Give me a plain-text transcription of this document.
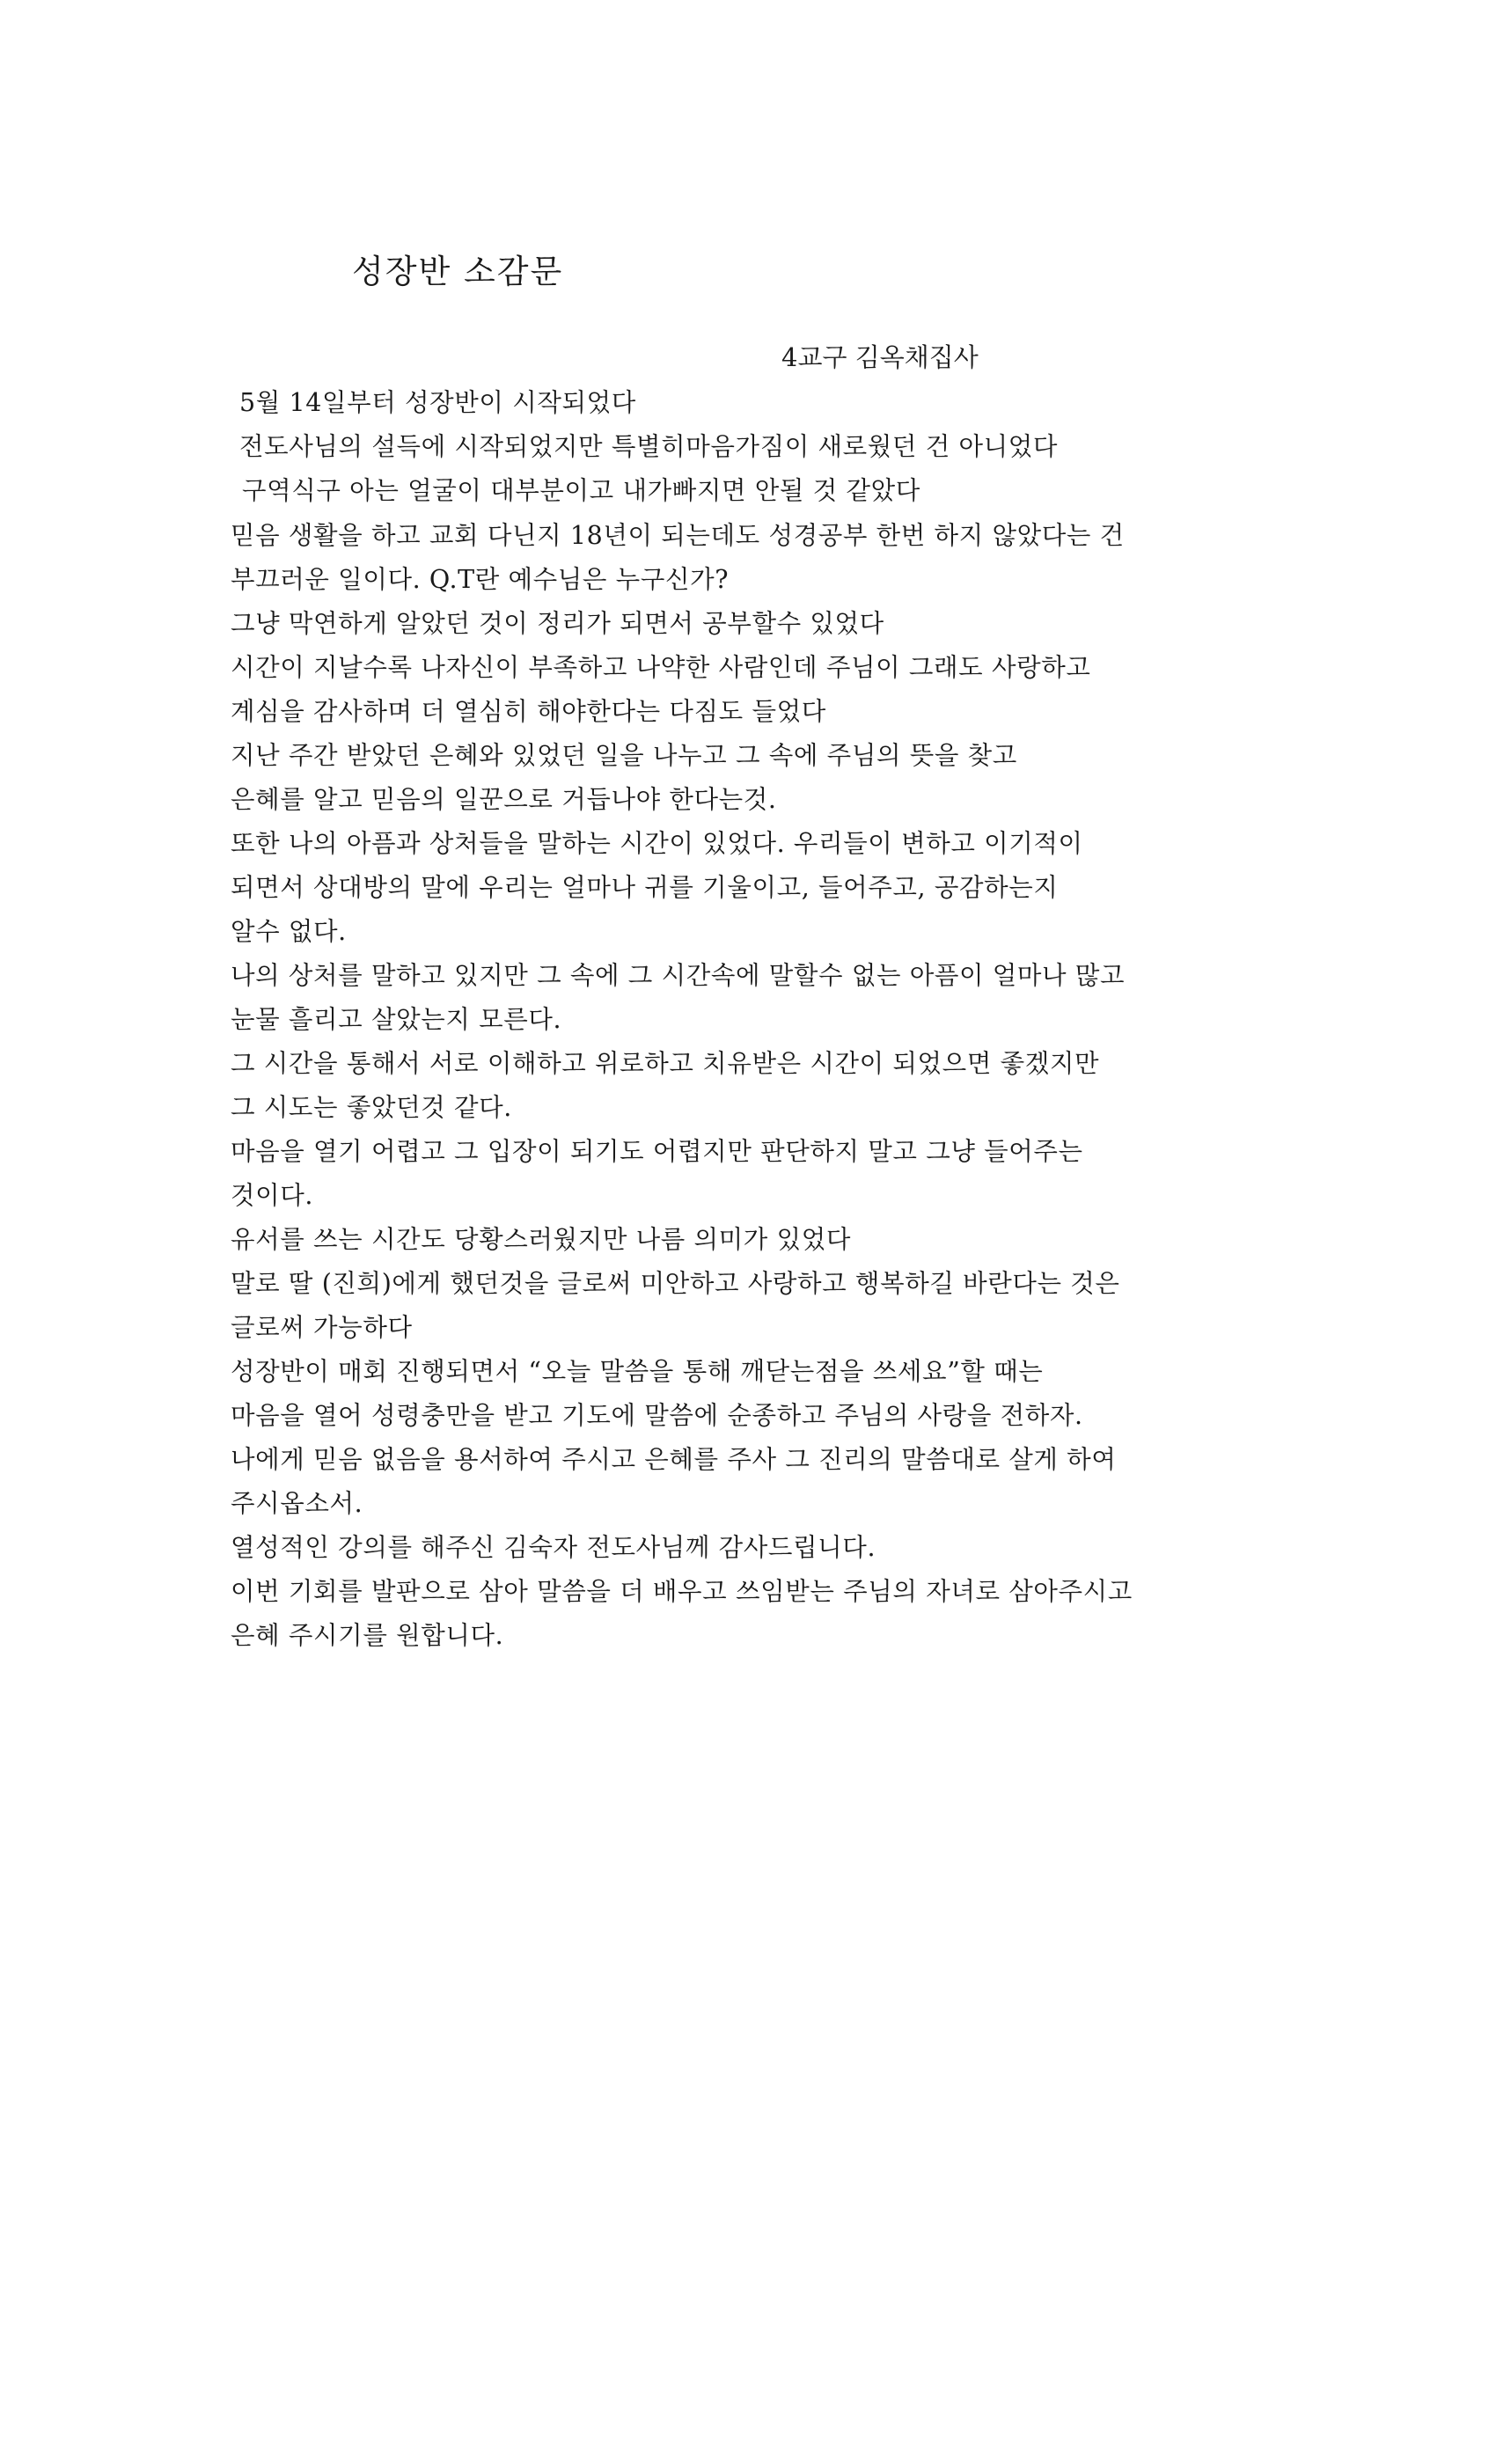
성장반 소감문
4교구 김옥채집사
5월 14일부터 성장반이 시작되었다
전도사님의 설득에 시작되었지만 특별히마음가짐이 새로웠던 건 아니었다
구역식구 아는 얼굴이 대부분이고 내가빠지면 안될 것 같았다
믿음 생활을 하고 교회 다닌지 18년이 되는데도 성경공부 한번 하지 않았다는 건
부끄러운 일이다. Q.T란 예수님은 누구신가?
그냥 막연하게 알았던 것이 정리가 되면서 공부할수 있었다
시간이 지날수록 나자신이 부족하고 나약한 사람인데 주님이 그래도 사랑하고
계심을 감사하며 더 열심히 해야한다는 다짐도 들었다
지난 주간 받았던 은혜와 있었던 일을 나누고 그 속에 주님의 뜻을 찾고
은혜를 알고 믿음의 일꾼으로 거듭나야 한다는것.
또한 나의 아픔과 상처들을 말하는 시간이 있었다. 우리들이 변하고 이기적이
되면서 상대방의 말에 우리는 얼마나 귀를 기울이고, 들어주고, 공감하는지
알수 없다.
나의 상처를 말하고 있지만 그 속에 그 시간속에 말할수 없는 아픔이 얼마나 많고
눈물 흘리고 살았는지 모른다.
그 시간을 통해서 서로 이해하고 위로하고 치유받은 시간이 되었으면 좋겠지만
그 시도는 좋았던것 같다.
마음을 열기 어렵고 그 입장이 되기도 어렵지만 판단하지 말고 그냥 들어주는
것이다.
유서를 쓰는 시간도 당황스러웠지만 나름 의미가 있었다
말로 딸 (진희)에게 했던것을 글로써 미안하고 사랑하고 행복하길 바란다는 것은
글로써 가능하다
성장반이 매회 진행되면서 “오늘 말씀을 통해 깨닫는점을 쓰세요”할 때는
마음을 열어 성령충만을 받고 기도에 말씀에 순종하고 주님의 사랑을 전하자.
나에게 믿음 없음을 용서하여 주시고 은혜를 주사 그 진리의 말씀대로 살게 하여
주시옵소서.
열성적인 강의를 해주신 김숙자 전도사님께 감사드립니다.
이번 기회를 발판으로 삼아 말씀을 더 배우고 쓰임받는 주님의 자녀로 삼아주시고
은혜 주시기를 원합니다.
